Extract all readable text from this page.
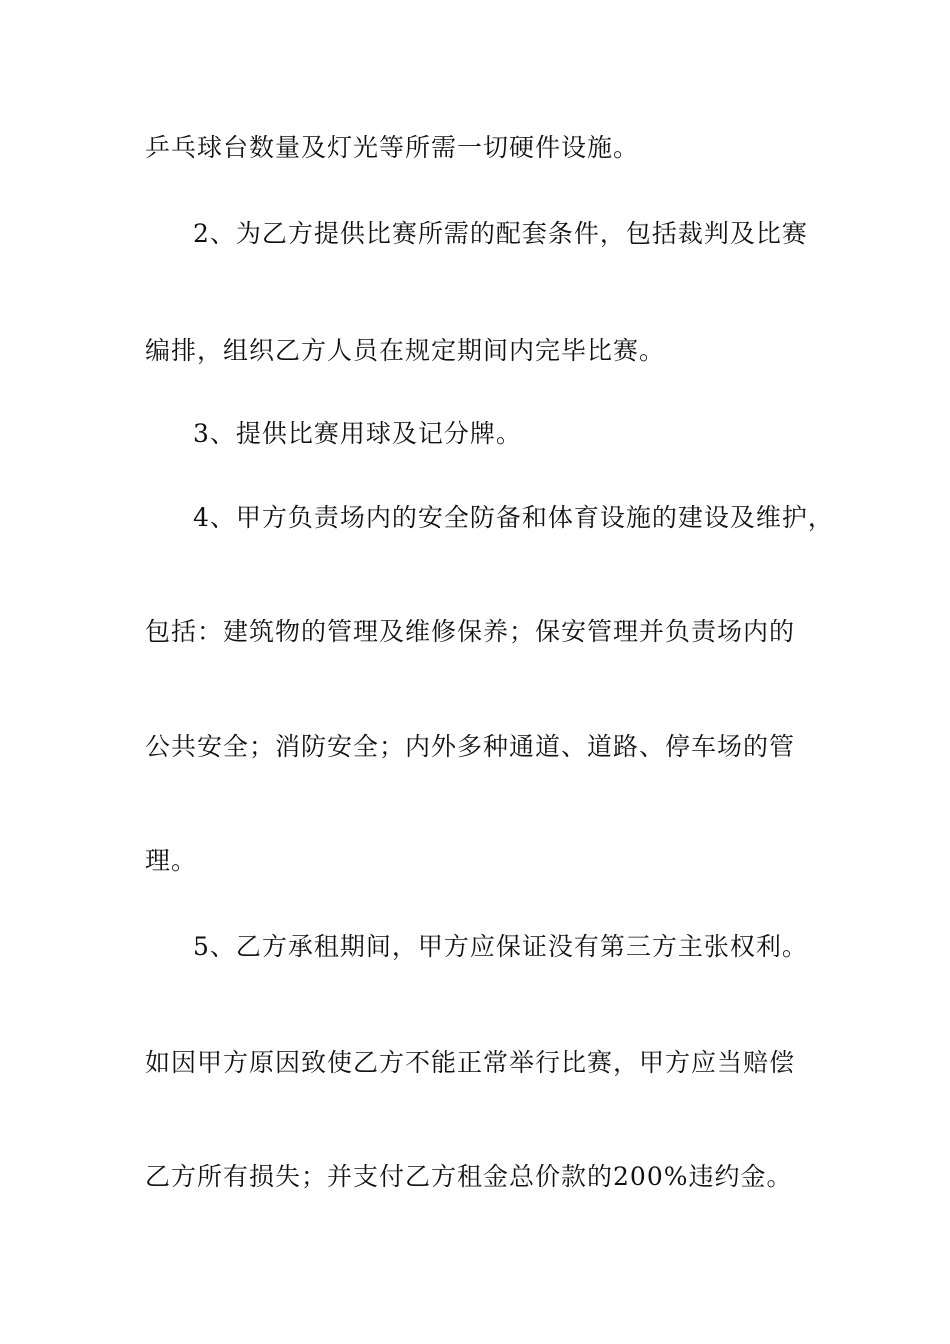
乒乓球台数量及灯光等所需一切硬件设施。
2、为乙方提供比赛所需的配套条件，包括裁判及比赛
编排，组织乙方人员在规定期间内完毕比赛。
3、提供比赛用球及记分牌。
4、甲方负责场内的安全防备和体育设施的建设及维护，
包括：建筑物的管理及维修保养；保安管理并负责场内的
公共安全；消防安全；内外多种通道、道路、停车场的管
理。
5、乙方承租期间，甲方应保证没有第三方主张权利。
如因甲方原因致使乙方不能正常举行比赛，甲方应当赔偿
乙方所有损失；并支付乙方租金总价款的200%违约金。
